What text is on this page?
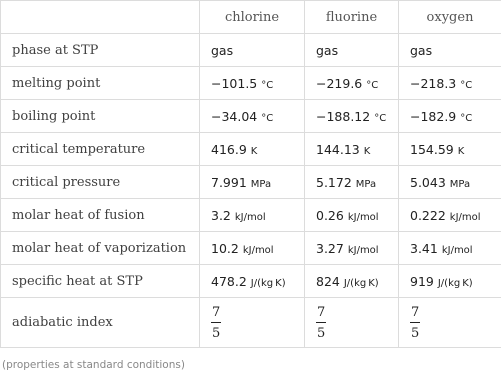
	chlorine	fluorine	oxygen
phase at STP	gas	gas	gas
melting point	−101.5 °C	−219.6 °C	−218.3 °C
boiling point	−34.04 °C	−188.12 °C	−182.9 °C
critical temperature	416.9 K	144.13 K	154.59 K
critical pressure	7.991 MPa	5.172 MPa	5.043 MPa
molar heat of fusion	3.2 kJ/mol	0.26 kJ/mol	0.222 kJ/mol
molar heat of vaporization	10.2 kJ/mol	3.27 kJ/mol	3.41 kJ/mol
specific heat at STP	478.2 J/(kg K)	824 J/(kg K)	919 J/(kg K)
adiabatic index	$\frac{7}{5}$	$\frac{7}{5}$	$\frac{7}{5}$
(properties at standard conditions)
